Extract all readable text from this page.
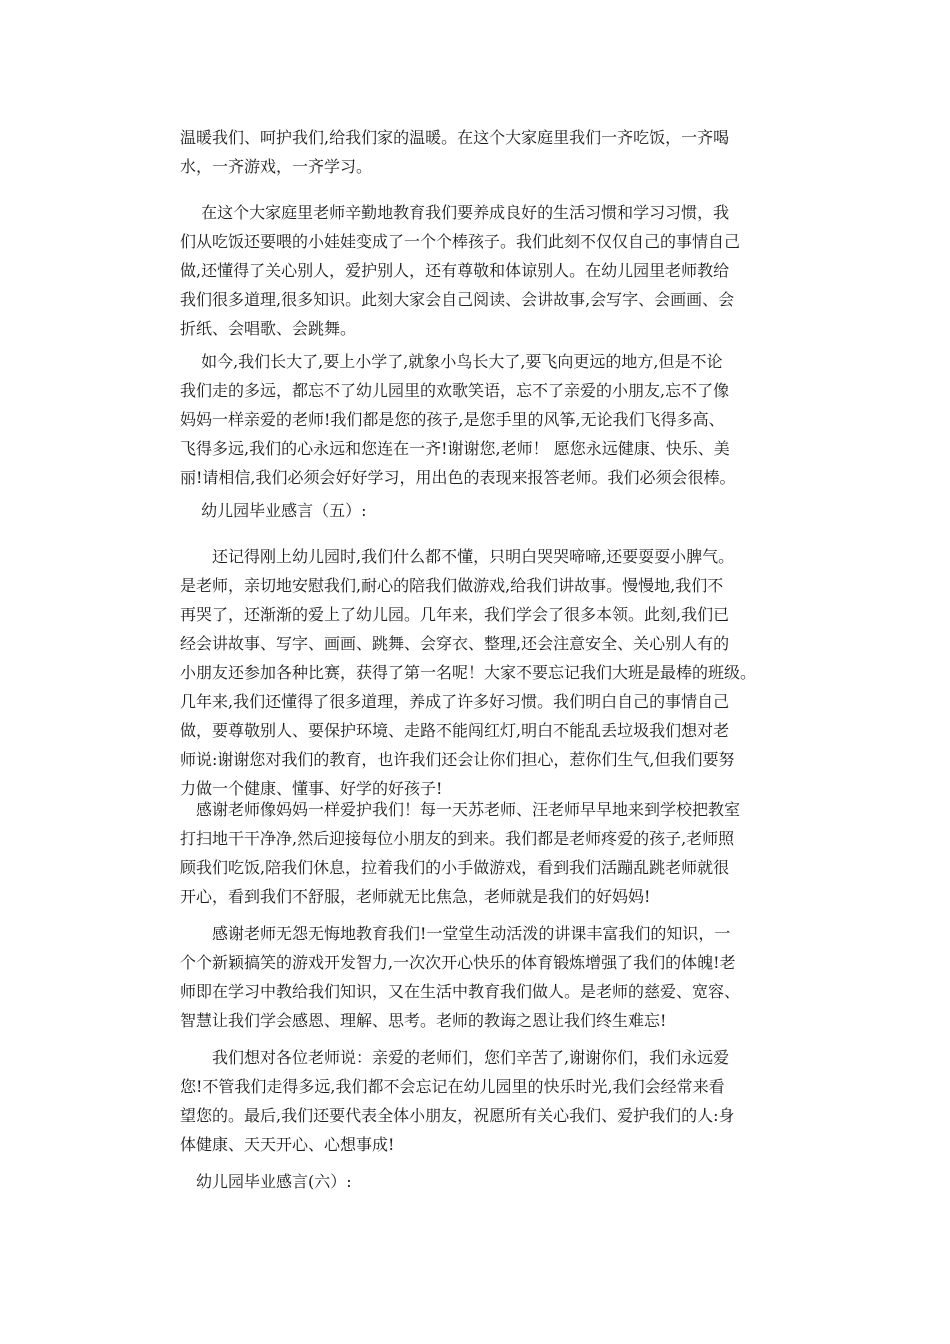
温暖我们、呵护我们,给我们家的温暖。在这个大家庭里我们一齐吃饭，一齐喝
水，一齐游戏，一齐学习。
　 在这个大家庭里老师辛勤地教育我们要养成良好的生活习惯和学习习惯，我
们从吃饭还要喂的小娃娃变成了一个个棒孩子。我们此刻不仅仅自己的事情自己
做,还懂得了关心别人，爱护别人，还有尊敬和体谅别人。在幼儿园里老师教给
我们很多道理,很多知识。此刻大家会自己阅读、会讲故事,会写字、会画画、会
折纸、会唱歌、会跳舞。
　 如今,我们长大了,要上小学了,就象小鸟长大了,要飞向更远的地方,但是不论
我们走的多远，都忘不了幼儿园里的欢歌笑语，忘不了亲爱的小朋友,忘不了像
妈妈一样亲爱的老师!我们都是您的孩子,是您手里的风筝,无论我们飞得多高、
飞得多远,我们的心永远和您连在一齐!谢谢您,老师！ 愿您永远健康、快乐、美
丽!请相信,我们必须会好好学习，用出色的表现来报答老师。我们必须会很棒。
　 幼儿园毕业感言（五）:
　　还记得刚上幼儿园时,我们什么都不懂，只明白哭哭啼啼,还要耍耍小脾气。
是老师，亲切地安慰我们,耐心的陪我们做游戏,给我们讲故事。慢慢地,我们不
再哭了，还渐渐的爱上了幼儿园。几年来，我们学会了很多本领。此刻,我们已
经会讲故事、写字、画画、跳舞、会穿衣、整理,还会注意安全、关心别人有的
小朋友还参加各种比赛，获得了第一名呢！大家不要忘记我们大班是最棒的班级。
几年来,我们还懂得了很多道理，养成了许多好习惯。我们明白自己的事情自己
做，要尊敬别人、要保护环境、走路不能闯红灯,明白不能乱丢垃圾我们想对老
师说:谢谢您对我们的教育，也许我们还会让你们担心，惹你们生气,但我们要努
力做一个健康、懂事、好学的好孩子!
　感谢老师像妈妈一样爱护我们！每一天苏老师、汪老师早早地来到学校把教室
打扫地干干净净,然后迎接每位小朋友的到来。我们都是老师疼爱的孩子,老师照
顾我们吃饭,陪我们休息，拉着我们的小手做游戏，看到我们活蹦乱跳老师就很
开心，看到我们不舒服，老师就无比焦急，老师就是我们的好妈妈!
　　感谢老师无怨无悔地教育我们!一堂堂生动活泼的讲课丰富我们的知识，一
个个新颖搞笑的游戏开发智力,一次次开心快乐的体育锻炼增强了我们的体魄!老
师即在学习中教给我们知识，又在生活中教育我们做人。是老师的慈爱、宽容、
智慧让我们学会感恩、理解、思考。老师的教诲之恩让我们终生难忘!
　　我们想对各位老师说：亲爱的老师们，您们辛苦了,谢谢你们，我们永远爱
您!不管我们走得多远,我们都不会忘记在幼儿园里的快乐时光,我们会经常来看
望您的。最后,我们还要代表全体小朋友，祝愿所有关心我们、爱护我们的人:身
体健康、天天开心、心想事成!
　幼儿园毕业感言(六）:
